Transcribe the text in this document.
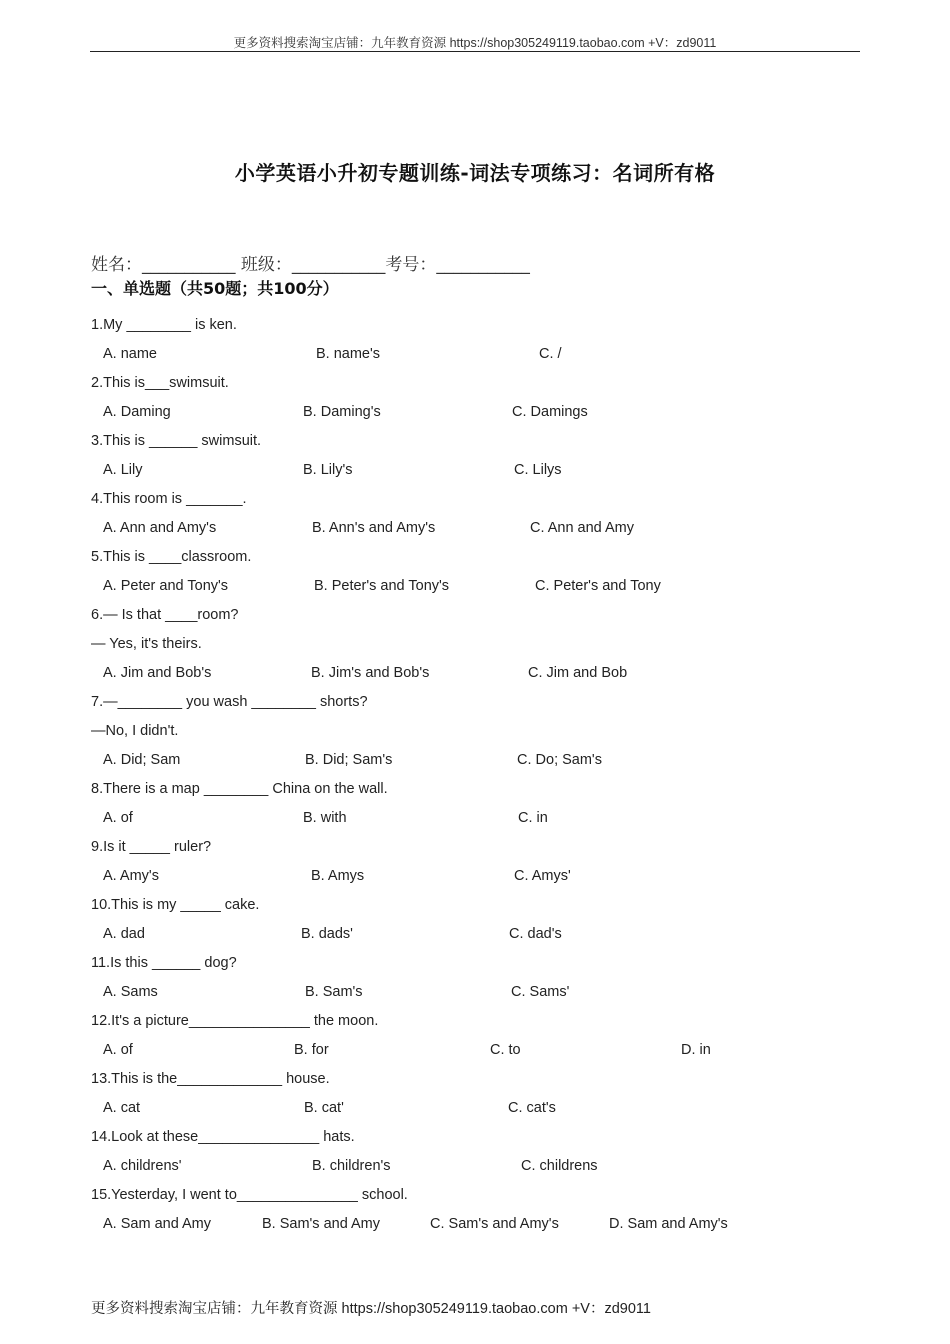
更多资料搜索淘宝店铺：九年教育资源 https://shop305249119.taobao.com +V：zd9011
小学英语小升初专题训练-词法专项练习：名词所有格
姓名：___________ 班级：___________考号：___________
一、单选题（共50题；共100分）
1.My ________ is ken.
A. name	B. name's	C. /
2.This is___swimsuit.
A. Daming	B. Daming's	C. Damings
3.This is ______ swimsuit.
A. Lily	B. Lily's	C. Lilys
4.This room is _______.
A. Ann and Amy's	B. Ann's and Amy's	C. Ann and Amy
5.This is ____classroom.
A. Peter and Tony's	B. Peter's and Tony's	C. Peter's and Tony
6.— Is that ____room?
— Yes, it's theirs.
A. Jim and Bob's	B. Jim's and Bob's	C. Jim and Bob
7.—________ you wash ________ shorts?
—No, I didn't.
A. Did; Sam	B. Did; Sam's	C. Do; Sam's
8.There is a map ________ China on the wall.
A. of	B. with	C. in
9.Is it _____ ruler?
A. Amy's	B. Amys	C. Amys'
10.This is my _____ cake.
A. dad	B. dads'	C. dad's
11.Is this ______ dog?
A. Sams	B. Sam's	C. Sams'
12.It's a picture_______________ the moon.
A. of	B. for	C. to	D. in
13.This is the_____________ house.
A. cat	B. cat'	C. cat's
14.Look at these_______________ hats.
A. childrens'	B. children's	C. childrens
15.Yesterday, I went to_______________ school.
A. Sam and Amy	B. Sam's and Amy	C. Sam's and Amy's	D. Sam and Amy's
更多资料搜索淘宝店铺：九年教育资源 https://shop305249119.taobao.com +V：zd9011
